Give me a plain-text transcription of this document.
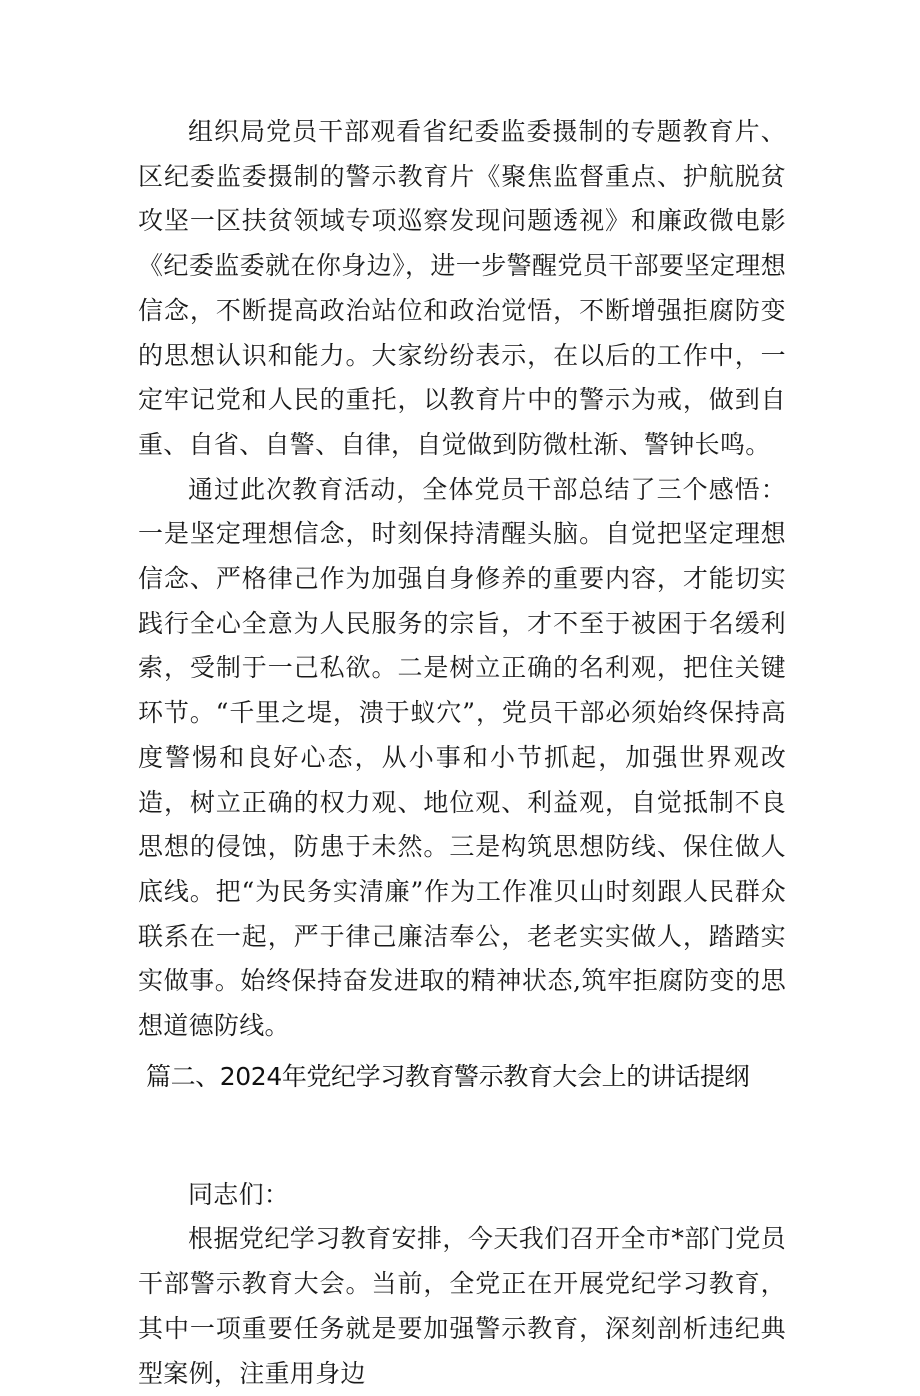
组织局党员干部观看省纪委监委摄制的专题教育片、区纪委监委摄制的警示教育片《聚焦监督重点、护航脱贫攻坚一区扶贫领域专项巡察发现问题透视》和廉政微电影《纪委监委就在你身边》，进一步警醒党员干部要坚定理想信念，不断提高政治站位和政治觉悟，不断增强拒腐防变的思想认识和能力。大家纷纷表示，在以后的工作中，一定牢记党和人民的重托，以教育片中的警示为戒，做到自重、自省、自警、自律，自觉做到防微杜渐、警钟长鸣。

通过此次教育活动，全体党员干部总结了三个感悟：一是坚定理想信念，时刻保持清醒头脑。自觉把坚定理想信念、严格律己作为加强自身修养的重要内容，才能切实践行全心全意为人民服务的宗旨，才不至于被困于名缓利索，受制于一己私欲。二是树立正确的名利观，把住关键环节。“千里之堤，溃于蚁穴”，党员干部必须始终保持高度警惕和良好心态，从小事和小节抓起，加强世界观改造，树立正确的权力观、地位观、利益观，自觉抵制不良思想的侵蚀，防患于未然。三是构筑思想防线、保住做人底线。把“为民务实清廉”作为工作准贝山时刻跟人民群众联系在一起，严于律己廉洁奉公，老老实实做人，踏踏实实做事。始终保持奋发进取的精神状态,筑牢拒腐防变的思想道德防线。

篇二、2024年党纪学习教育警示教育大会上的讲话提纲

同志们：

根据党纪学习教育安排，今天我们召开全市*部门党员干部警示教育大会。当前，全党正在开展党纪学习教育，其中一项重要任务就是要加强警示教育，深刻剖析违纪典型案例，注重用身边
